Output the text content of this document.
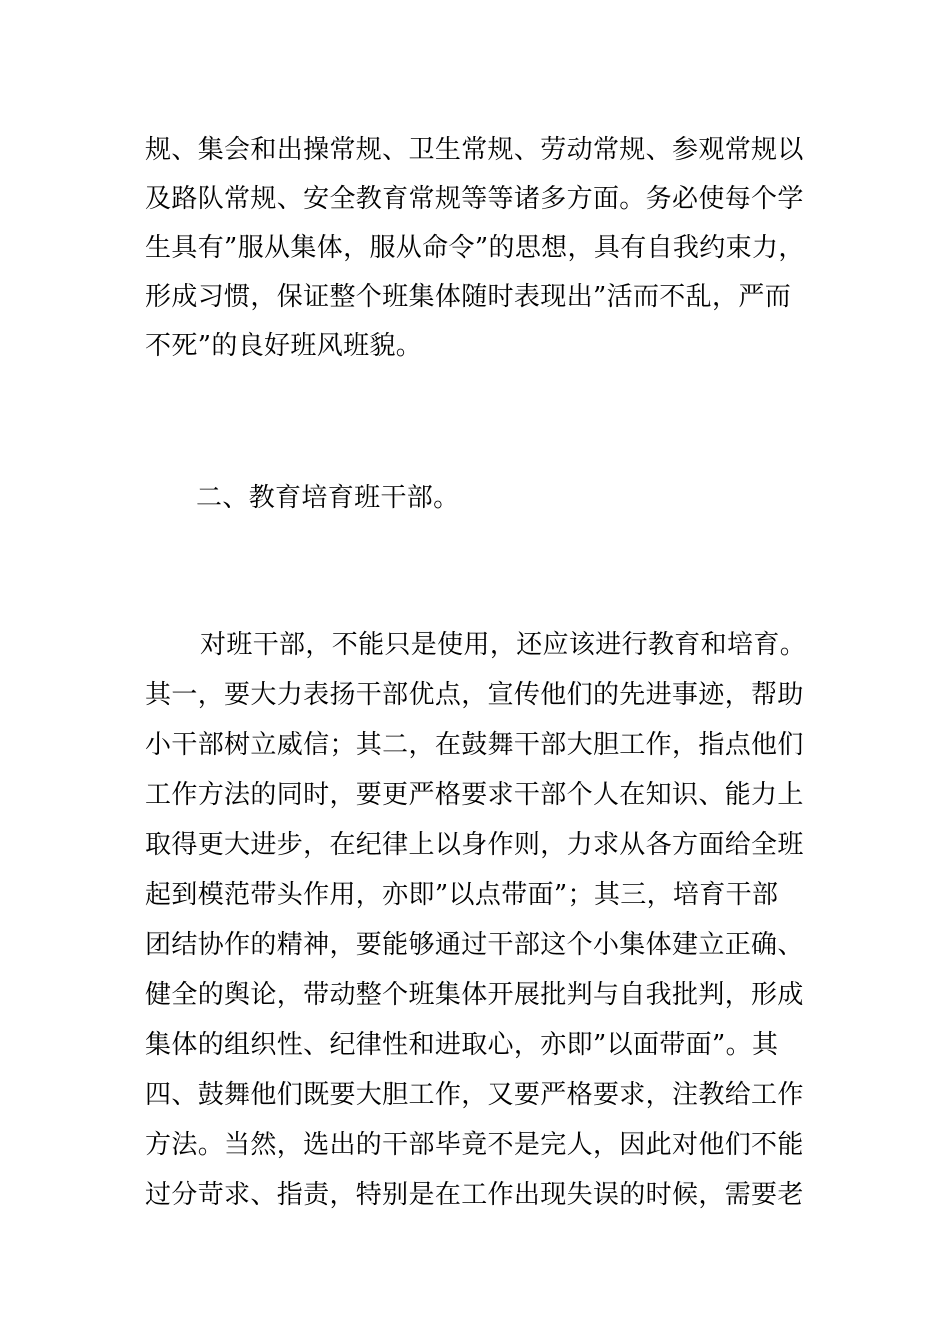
规、集会和出操常规、卫生常规、劳动常规、参观常规以
及路队常规、安全教育常规等等诸多方面。务必使每个学
生具有”服从集体，服从命令”的思想，具有自我约束力，
形成习惯，保证整个班集体随时表现出”活而不乱，严而
不死”的良好班风班貌。
二、教育培育班干部。
对班干部，不能只是使用，还应该进行教育和培育。
其一，要大力表扬干部优点，宣传他们的先进事迹，帮助
小干部树立威信；其二，在鼓舞干部大胆工作，指点他们
工作方法的同时，要更严格要求干部个人在知识、能力上
取得更大进步，在纪律上以身作则，力求从各方面给全班
起到模范带头作用，亦即”以点带面”；其三，培育干部
团结协作的精神，要能够通过干部这个小集体建立正确、
健全的舆论，带动整个班集体开展批判与自我批判，形成
集体的组织性、纪律性和进取心，亦即”以面带面”。其
四、鼓舞他们既要大胆工作，又要严格要求，注教给工作
方法。当然，选出的干部毕竟不是完人，因此对他们不能
过分苛求、指责，特别是在工作出现失误的时候，需要老
